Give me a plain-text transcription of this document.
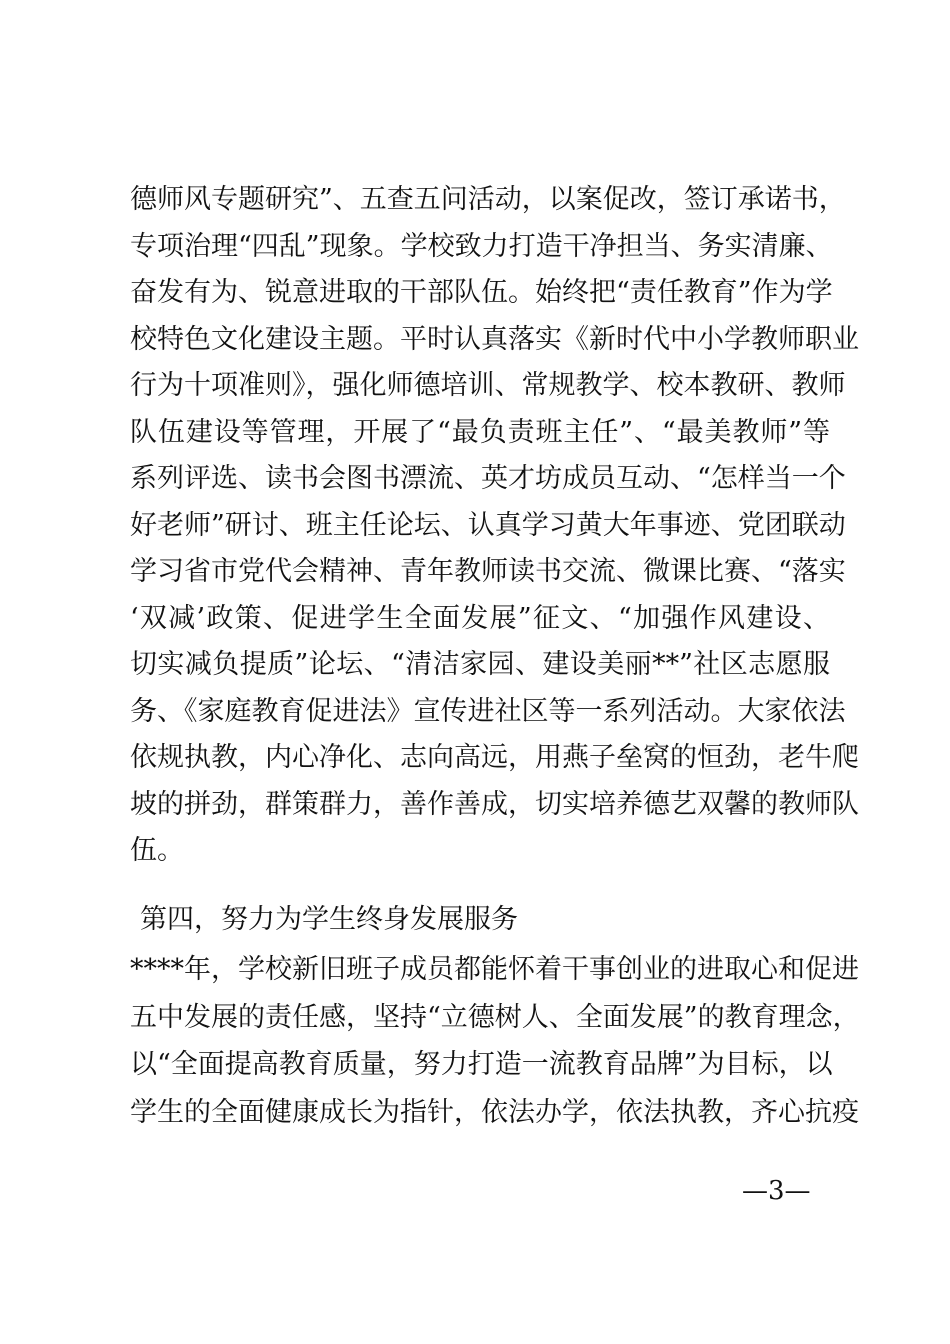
德师风专题研究”、五查五问活动，以案促改，签订承诺书，
专项治理“四乱”现象。学校致力打造干净担当、务实清廉、
奋发有为、锐意进取的干部队伍。始终把“责任教育”作为学
校特色文化建设主题。平时认真落实《新时代中小学教师职业
行为十项准则》，强化师德培训、常规教学、校本教研、教师
队伍建设等管理，开展了“最负责班主任”、“最美教师”等
系列评选、读书会图书漂流、英才坊成员互动、“怎样当一个
好老师”研讨、班主任论坛、认真学习黄大年事迹、党团联动
学习省市党代会精神、青年教师读书交流、微课比赛、“落实
‘双减’政策、促进学生全面发展”征文、“加强作风建设、
切实减负提质”论坛、“清洁家园、建设美丽**”社区志愿服
务、《家庭教育促进法》宣传进社区等一系列活动。大家依法
依规执教，内心净化、志向高远，用燕子垒窝的恒劲，老牛爬
坡的拼劲，群策群力，善作善成，切实培养德艺双馨的教师队
伍。
第四，努力为学生终身发展服务
****年，学校新旧班子成员都能怀着干事创业的进取心和促进
五中发展的责任感，坚持“立德树人、全面发展”的教育理念，
以“全面提高教育质量，努力打造一流教育品牌”为目标，以
学生的全面健康成长为指针，依法办学，依法执教，齐心抗疫
—3—
